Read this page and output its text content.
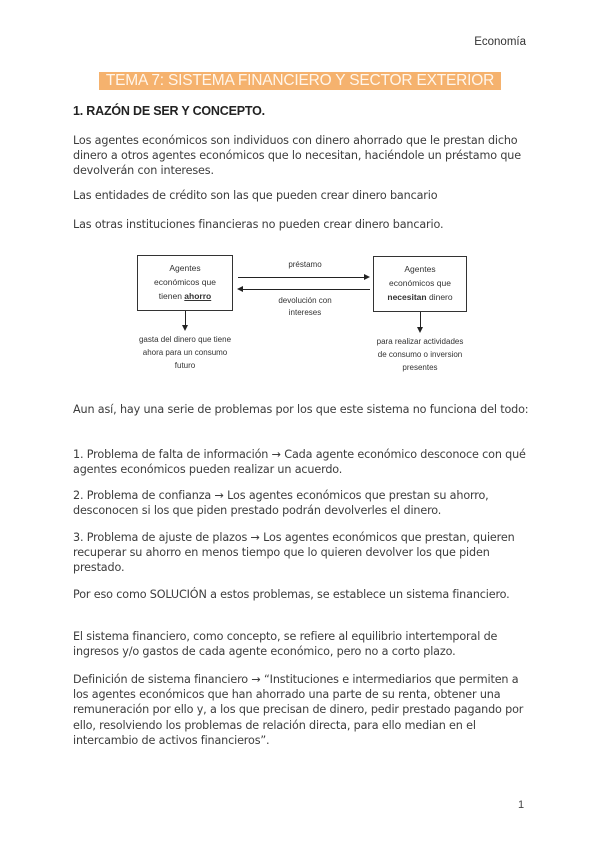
Economía
TEMA 7: SISTEMA FINANCIERO Y SECTOR EXTERIOR
1. RAZÓN DE SER Y CONCEPTO.

Los agentes económicos son individuos con dinero ahorrado que le prestan dicho dinero a otros agentes económicos que lo necesitan, haciéndole un préstamo que devolverán con intereses.

Las entidades de crédito son las que pueden crear dinero bancario

Las otras instituciones financieras no pueden crear dinero bancario.

Agentes
económicos que
tienen ahorro
préstamo
devolución con
intereses
Agentes
económicos que
necesitan dinero
gasta del dinero que tiene
ahora para un consumo
futuro
para realizar actividades
de consumo o inversion
presentes

Aun así, hay una serie de problemas por los que este sistema no funciona del todo:

1. Problema de falta de información → Cada agente económico desconoce con qué agentes económicos pueden realizar un acuerdo.

2. Problema de confianza → Los agentes económicos que prestan su ahorro, desconocen si los que piden prestado podrán devolverles el dinero.

3. Problema de ajuste de plazos → Los agentes económicos que prestan, quieren recuperar su ahorro en menos tiempo que lo quieren devolver los que piden prestado.

Por eso como SOLUCIÓN a estos problemas, se establece un sistema financiero.

El sistema financiero, como concepto, se refiere al equilibrio intertemporal de ingresos y/o gastos de cada agente económico, pero no a corto plazo.

Definición de sistema financiero → “Instituciones e intermediarios que permiten a los agentes económicos que han ahorrado una parte de su renta, obtener una remuneración por ello y, a los que precisan de dinero, pedir prestado pagando por ello, resolviendo los problemas de relación directa, para ello median en el intercambio de activos financieros”.

1
